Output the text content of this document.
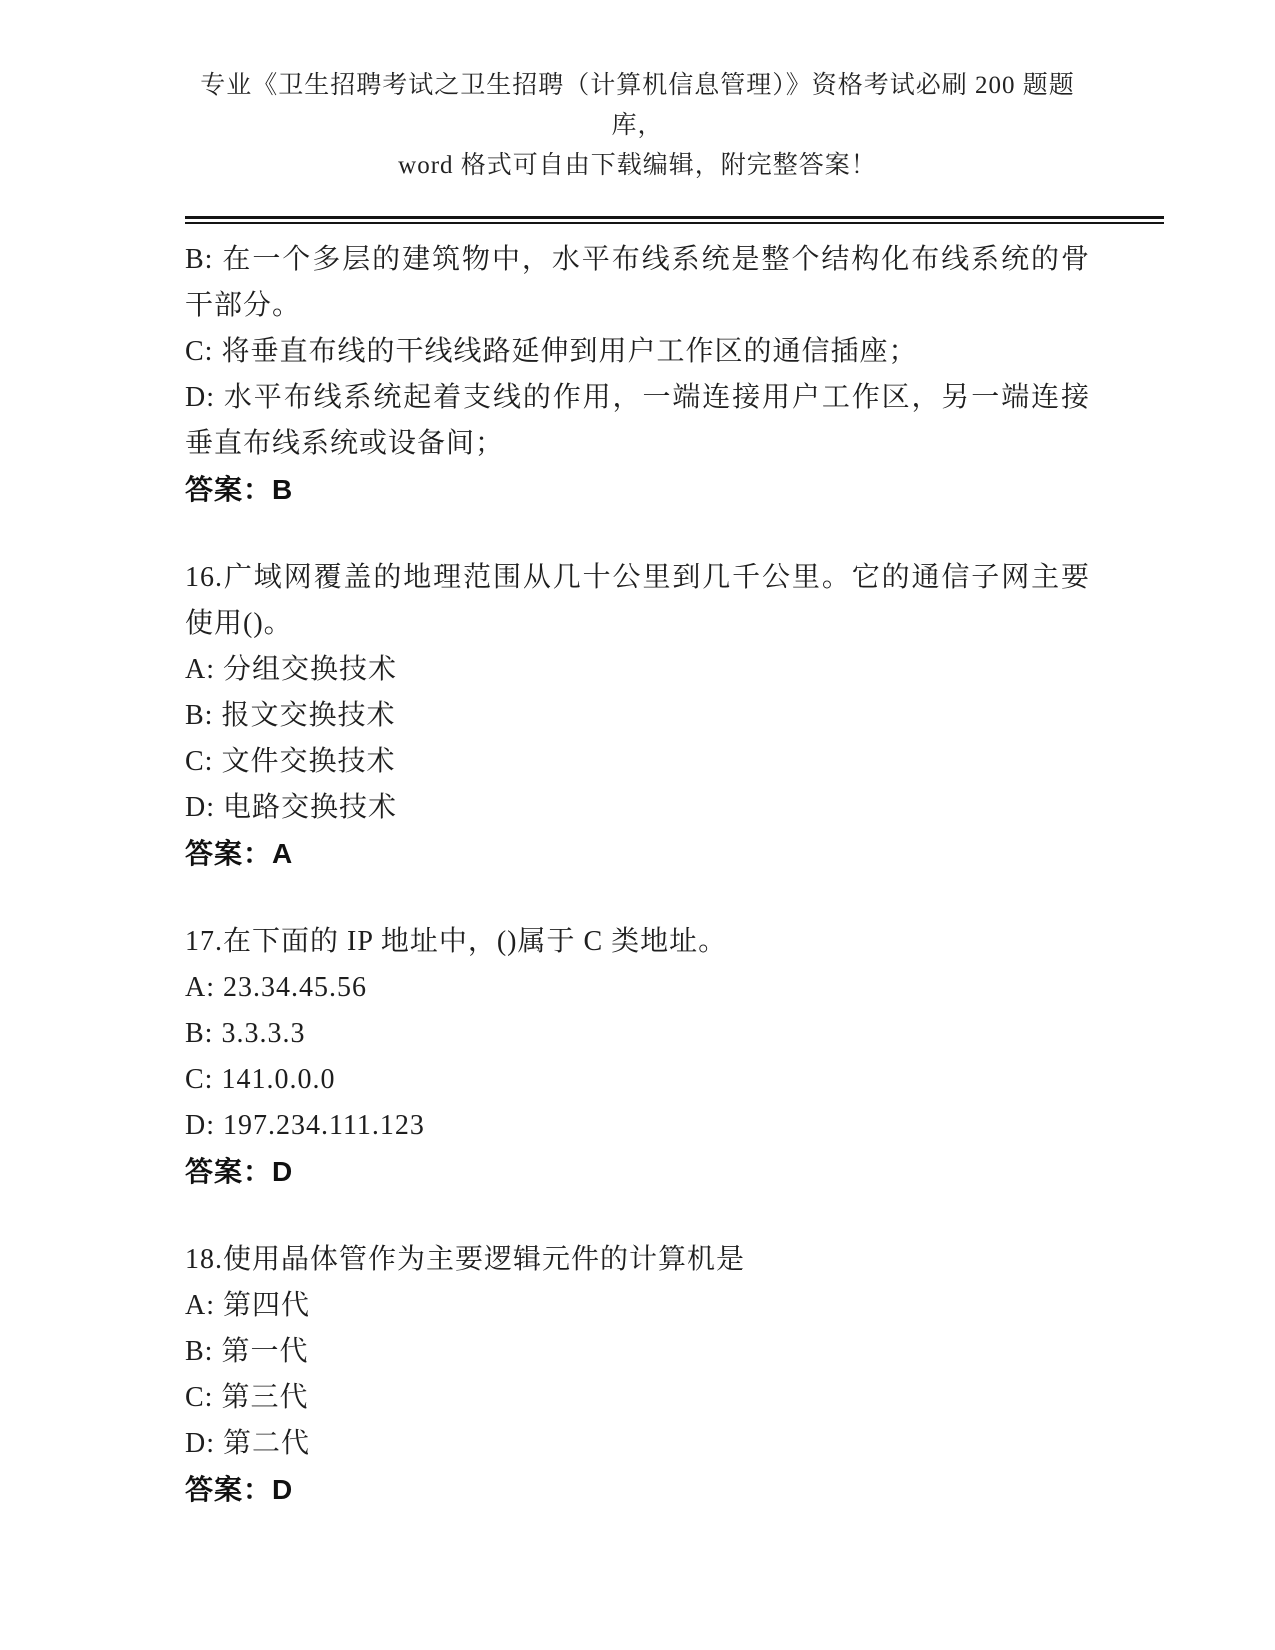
专业《卫生招聘考试之卫生招聘（计算机信息管理）》资格考试必刷 200 题题库，
word 格式可自由下载编辑，附完整答案！

B: 在一个多层的建筑物中，水平布线系统是整个结构化布线系统的骨干部分。

C: 将垂直布线的干线线路延伸到用户工作区的通信插座；

D: 水平布线系统起着支线的作用，一端连接用户工作区，另一端连接垂直布线系统或设备间；

答案：B

16.广域网覆盖的地理范围从几十公里到几千公里。它的通信子网主要使用()。

A: 分组交换技术

B: 报文交换技术

C: 文件交换技术

D: 电路交换技术

答案：A

17.在下面的 IP 地址中，()属于 C 类地址。

A: 23.34.45.56

B: 3.3.3.3

C: 141.0.0.0

D: 197.234.111.123

答案：D

18.使用晶体管作为主要逻辑元件的计算机是

A: 第四代

B: 第一代

C: 第三代

D: 第二代

答案：D
